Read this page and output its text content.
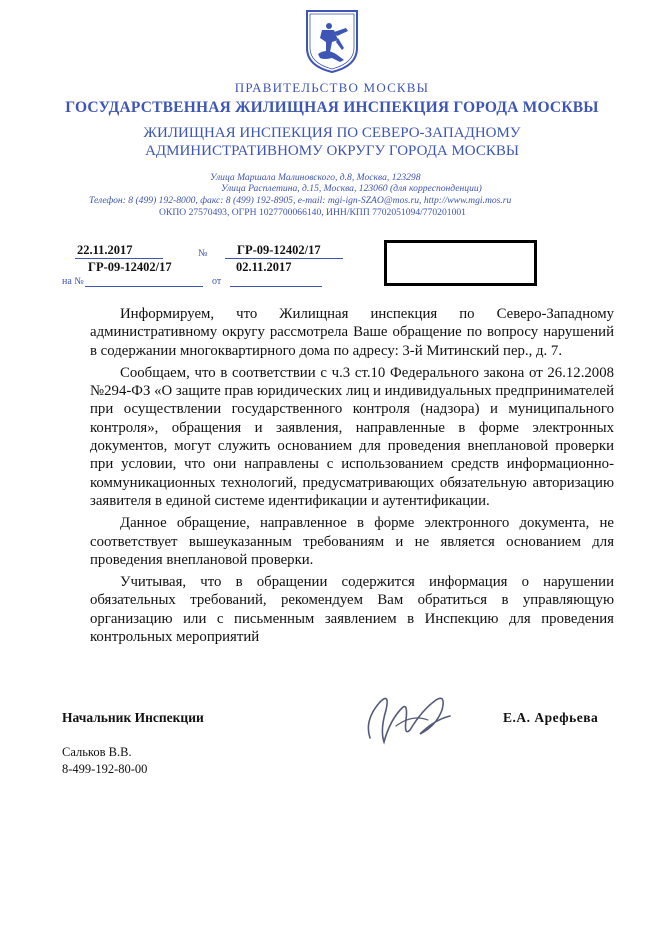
ПРАВИТЕЛЬСТВО МОСКВЫ
ГОСУДАРСТВЕННАЯ ЖИЛИЩНАЯ ИНСПЕКЦИЯ ГОРОДА МОСКВЫ
ЖИЛИЩНАЯ ИНСПЕКЦИЯ ПО СЕВЕРО-ЗАПАДНОМУ
АДМИНИСТРАТИВНОМУ ОКРУГУ ГОРОДА МОСКВЫ
Улица Маршала Малиновского, д.8, Москва, 123298
Улица Расплетина, д.15, Москва, 123060 (для корреспонденции)
Телефон: 8 (499) 192-8000, факс: 8 (499) 192-8905, e-mail: mgi-ign-SZAO@mos.ru, http://www.mgi.mos.ru
ОКПО 27570493, ОГРН 1027700066140, ИНН/КПП 7702051094/770201001
22.11.2017	№ ГР-09-12402/17
на №
ГР-09-12402/17
от
02.11.2017

Информируем, что Жилищная инспекция по Северо-Западному административному округу рассмотрела Ваше обращение по вопросу нарушений в содержании многоквартирного дома по адресу: 3-й Митинский пер., д. 7.

Сообщаем, что в соответствии с ч.3 ст.10 Федерального закона от 26.12.2008 №294-ФЗ «О защите прав юридических лиц и индивидуальных предпринимателей при осуществлении государственного контроля (надзора) и муниципального контроля», обращения и заявления, направленные в форме электронных документов, могут служить основанием для проведения внеплановой проверки при условии, что они направлены с использованием средств информационно-коммуникационных технологий, предусматривающих обязательную авторизацию заявителя в единой системе идентификации и аутентификации.

Данное обращение, направленное в форме электронного документа, не соответствует вышеуказанным требованиям и не является основанием для проведения внеплановой проверки.

Учитывая, что в обращении содержится информация о нарушении обязательных требований, рекомендуем Вам обратиться в управляющую организацию или с письменным заявлением в Инспекцию для проведения контрольных мероприятий

Начальник Инспекции	Е.А. Арефьева
Сальков В.В.
8-499-192-80-00
